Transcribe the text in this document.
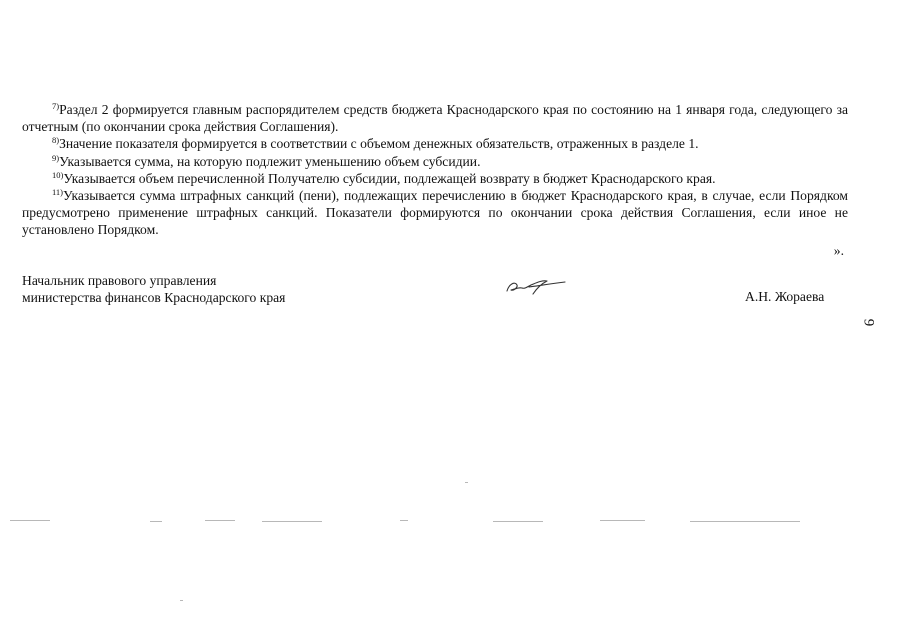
$^{7)}$Раздел 2 формируется главным распорядителем средств бюджета Краснодарского края по состоянию на 1 января года, следующего за отчетным (по окончании срока действия Соглашения).

$^{8)}$Значение показателя формируется в соответствии с объемом денежных обязательств, отраженных в разделе 1.

$^{9)}$Указывается сумма, на которую подлежит уменьшению объем субсидии.

$^{10)}$Указывается объем перечисленной Получателю субсидии, подлежащей возврату в бюджет Краснодарского края.

$^{11)}$Указывается сумма штрафных санкций (пени), подлежащих перечислению в бюджет Краснодарского края, в случае, если Порядком предусмотрено применение штрафных санкций. Показатели формируются по окончании срока действия Соглашения, если иное не установлено Порядком.

».
Начальник правового управления
министерства финансов Краснодарского края	А.Н. Жораева
9
